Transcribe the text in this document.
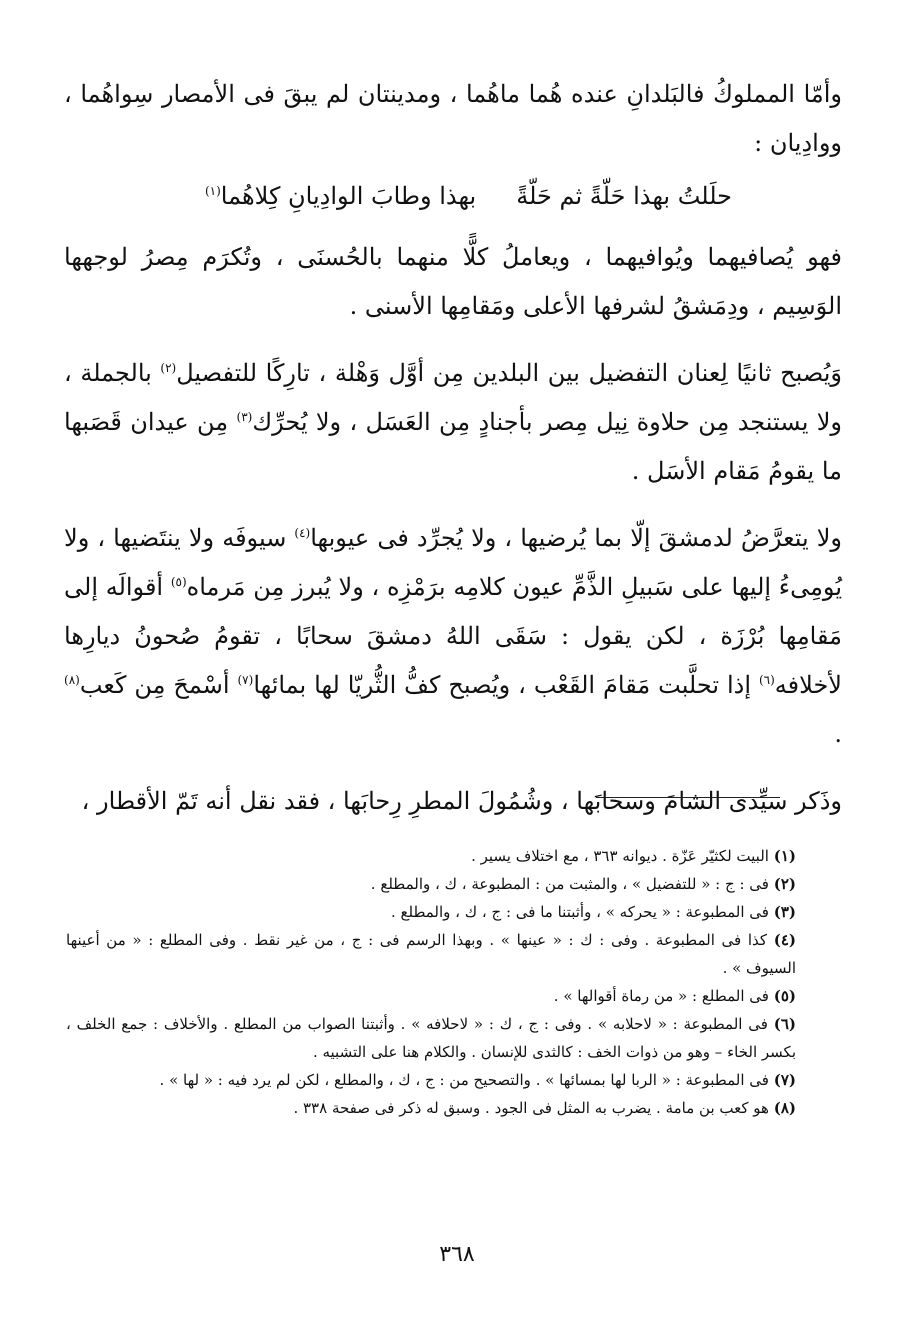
وأمّا المملوكُ فالبَلدانِ عنده هُما ماهُما ، ومدينتان لم يبقَ فى الأمصار سِواهُما ، ووادِيان :

حلَلتُ بهذا حَلّةً ثم حَلّةً
بهذا وطابَ الوادِيانِ كِلاهُما$^{(١)}$

فهو يُصافيهما ويُوافيهما ، ويعاملُ كلًّا منهما بالحُسنَى ، وتُكرَم مِصرُ لوجهها الوَسِيم ، ودِمَشقُ لشرفها الأعلى ومَقامِها الأسنى .

وَيُصبح ثانيًا لِعنان التفضيل بين البلدين مِن أوَّل وَهْلة ، تارِكًا للتفصيل$^{(٢)}$ بالجملة ، ولا يستنجد مِن حلاوة نِيل مِصر بأجنادٍ مِن العَسَل ، ولا يُحرِّك$^{(٣)}$ مِن عيدان قَصَبها ما يقومُ مَقام الأسَل .

ولا يتعرَّضُ لدمشقَ إلّا بما يُرضيها ، ولا يُجرِّد فى عيوبها$^{(٤)}$ سيوفَه ولا ينتَضيها ، ولا يُومِىءُ إليها على سَبيلِ الذَّمِّ عيون كلامِه برَمْزِه ، ولا يُبرز مِن مَرماه$^{(٥)}$ أقوالَه إلى مَقامِها بُرْزَة ، لكن يقول : سَقَى اللهُ دمشقَ سحابًا ، تقومُ صُحونُ ديارِها لأخلافه$^{(٦)}$ إذا تحلَّبت مَقامَ القَعْب ، ويُصبح كفُّ الثُّريّا لها بمائها$^{(٧)}$ أسْمحَ مِن كَعب$^{(٨)}$ .

وذَكر سيِّدى الشامَ وسحابَها ، وشُمُولَ المطرِ رِحابَها ، فقد نقل أنه تَمّ الأقطار ،

(١) البيت لكثيّر عَزّة . ديوانه ٣٦٣ ، مع اختلاف يسير .

(٢) فى : ج : « للتفضيل » ، والمثبت من : المطبوعة ، ك ، والمطلع .

(٣) فى المطبوعة : « يحركه » ، وأثبتنا ما فى : ج ، ك ، والمطلع .

(٤) كذا فى المطبوعة . وفى : ك : « عينها » . وبهذا الرسم فى : ج ، من غير نقط . وفى المطلع : « من أعينها السيوف » .

(٥) فى المطلع : « من رماة أقوالها » .

(٦) فى المطبوعة : « لاحلابه » . وفى : ج ، ك : « لاحلافه » . وأثبتنا الصواب من المطلع . والأخلاف : جمع الخلف ، بكسر الخاء – وهو من ذوات الخف : كالثدى للإنسان . والكلام هنا على التشبيه .

(٧) فى المطبوعة : « الربا لها بمسائها » . والتصحيح من : ج ، ك ، والمطلع ، لكن لم يرد فيه : « لها » .

(٨) هو كعب بن مامة . يضرب به المثل فى الجود . وسبق له ذكر فى صفحة ٣٣٨ .

٣٦٨
